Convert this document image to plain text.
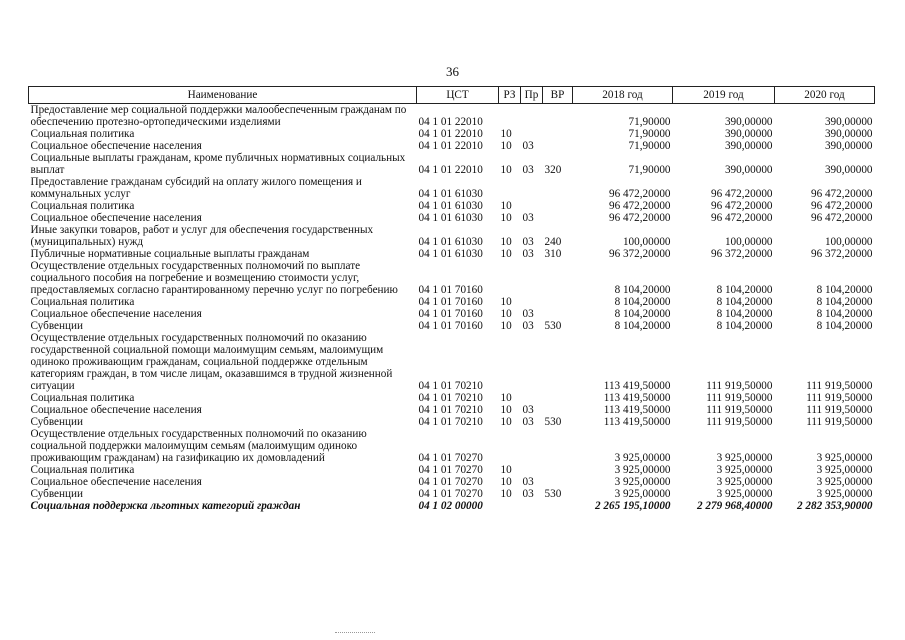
36
Наименование	ЦСТ	РЗ	Пр	ВР	2018 год	2019 год	2020 год
Предоставление мер социальной поддержки малообеспеченным гражданам по обеспечению протезно-ортопедическими изделиями	04 1 01 22010				71,90000	390,00000	390,00000
Социальная политика	04 1 01 22010	10			71,90000	390,00000	390,00000
Социальное обеспечение населения	04 1 01 22010	10	03		71,90000	390,00000	390,00000
Социальные выплаты гражданам, кроме публичных нормативных социальных выплат	04 1 01 22010	10	03	320	71,90000	390,00000	390,00000
Предоставление гражданам субсидий на оплату жилого помещения и коммунальных услуг	04 1 01 61030				96 472,20000	96 472,20000	96 472,20000
Социальная политика	04 1 01 61030	10			96 472,20000	96 472,20000	96 472,20000
Социальное обеспечение населения	04 1 01 61030	10	03		96 472,20000	96 472,20000	96 472,20000
Иные закупки товаров, работ и услуг для обеспечения государственных (муниципальных) нужд	04 1 01 61030	10	03	240	100,00000	100,00000	100,00000
Публичные нормативные социальные выплаты гражданам	04 1 01 61030	10	03	310	96 372,20000	96 372,20000	96 372,20000
Осуществление отдельных государственных полномочий по выплате социального пособия на погребение и возмещению стоимости услуг, предоставляемых согласно гарантированному перечню услуг по погребению	04 1 01 70160				8 104,20000	8 104,20000	8 104,20000
Социальная политика	04 1 01 70160	10			8 104,20000	8 104,20000	8 104,20000
Социальное обеспечение населения	04 1 01 70160	10	03		8 104,20000	8 104,20000	8 104,20000
Субвенции	04 1 01 70160	10	03	530	8 104,20000	8 104,20000	8 104,20000
Осуществление отдельных государственных полномочий по оказанию государственной социальной помощи малоимущим семьям, малоимущим одиноко проживающим гражданам, социальной поддержке отдельным категориям граждан, в том числе лицам, оказавшимся в трудной жизненной ситуации	04 1 01 70210				113 419,50000	111 919,50000	111 919,50000
Социальная политика	04 1 01 70210	10			113 419,50000	111 919,50000	111 919,50000
Социальное обеспечение населения	04 1 01 70210	10	03		113 419,50000	111 919,50000	111 919,50000
Субвенции	04 1 01 70210	10	03	530	113 419,50000	111 919,50000	111 919,50000
Осуществление отдельных государственных полномочий по оказанию социальной поддержки малоимущим семьям (малоимущим одиноко проживающим гражданам) на газификацию их домовладений	04 1 01 70270				3 925,00000	3 925,00000	3 925,00000
Социальная политика	04 1 01 70270	10			3 925,00000	3 925,00000	3 925,00000
Социальное обеспечение населения	04 1 01 70270	10	03		3 925,00000	3 925,00000	3 925,00000
Субвенции	04 1 01 70270	10	03	530	3 925,00000	3 925,00000	3 925,00000
Социальная поддержка льготных категорий граждан	04 1 02 00000				2 265 195,10000	2 279 968,40000	2 282 353,90000
